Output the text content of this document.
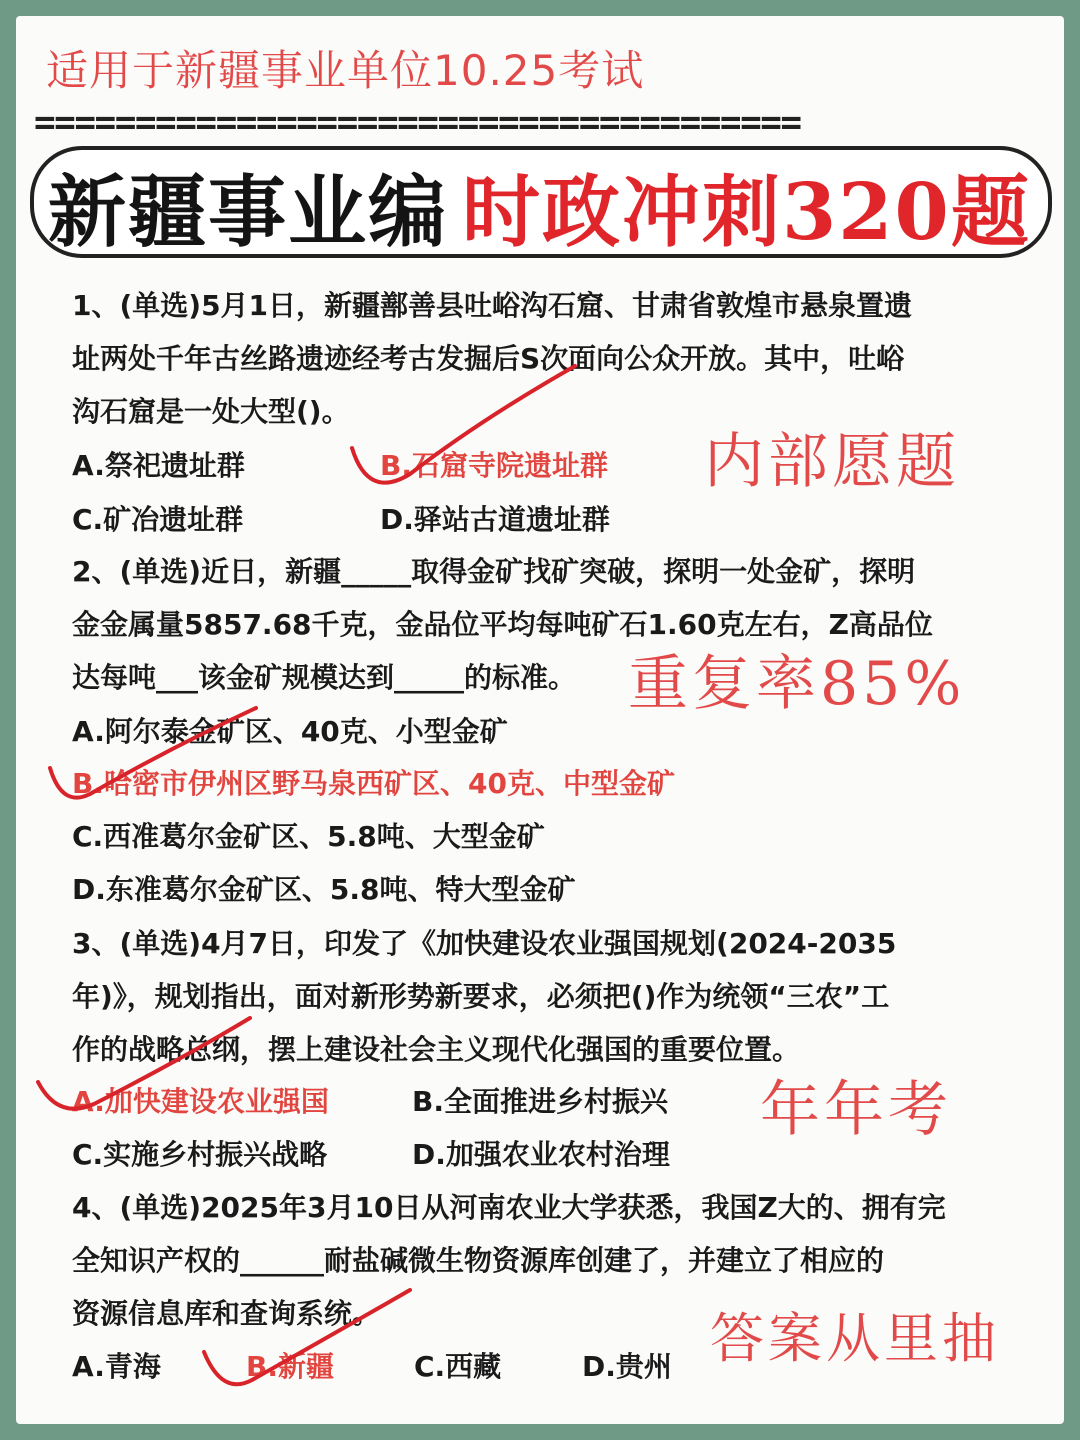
适用于新疆事业单位10.25考试
======================================
新疆事业编 时政冲刺320题
1、(单选)5月1日，新疆鄯善县吐峪沟石窟、甘肃省敦煌市悬泉置遗
址两处千年古丝路遗迹经考古发掘后S次面向公众开放。其中，吐峪
沟石窟是一处大型()。
A.祭祀遗址群	B.石窟寺院遗址群
C.矿冶遗址群	D.驿站古道遗址群
2、(单选)近日，新疆_____取得金矿找矿突破，探明一处金矿，探明
金金属量5857.68千克，金品位平均每吨矿石1.60克左右，Z高品位
达每吨___该金矿规模达到_____的标准。
A.阿尔泰金矿区、40克、小型金矿
B.哈密市伊州区野马泉西矿区、40克、中型金矿
C.西准葛尔金矿区、5.8吨、大型金矿
D.东准葛尔金矿区、5.8吨、特大型金矿
3、(单选)4月7日，印发了《加快建设农业强国规划(2024-2035
年)》，规划指出，面对新形势新要求，必须把()作为统领“三农”工
作的战略总纲，摆上建设社会主义现代化强国的重要位置。
A.加快建设农业强国	B.全面推进乡村振兴
C.实施乡村振兴战略	D.加强农业农村治理
4、(单选)2025年3月10日从河南农业大学获悉，我国Z大的、拥有完
全知识产权的______耐盐碱微生物资源库创建了，并建立了相应的
资源信息库和查询系统。
A.青海	B.新疆	C.西藏	D.贵州
内部愿题
重复率85%
年年考
答案从里抽
